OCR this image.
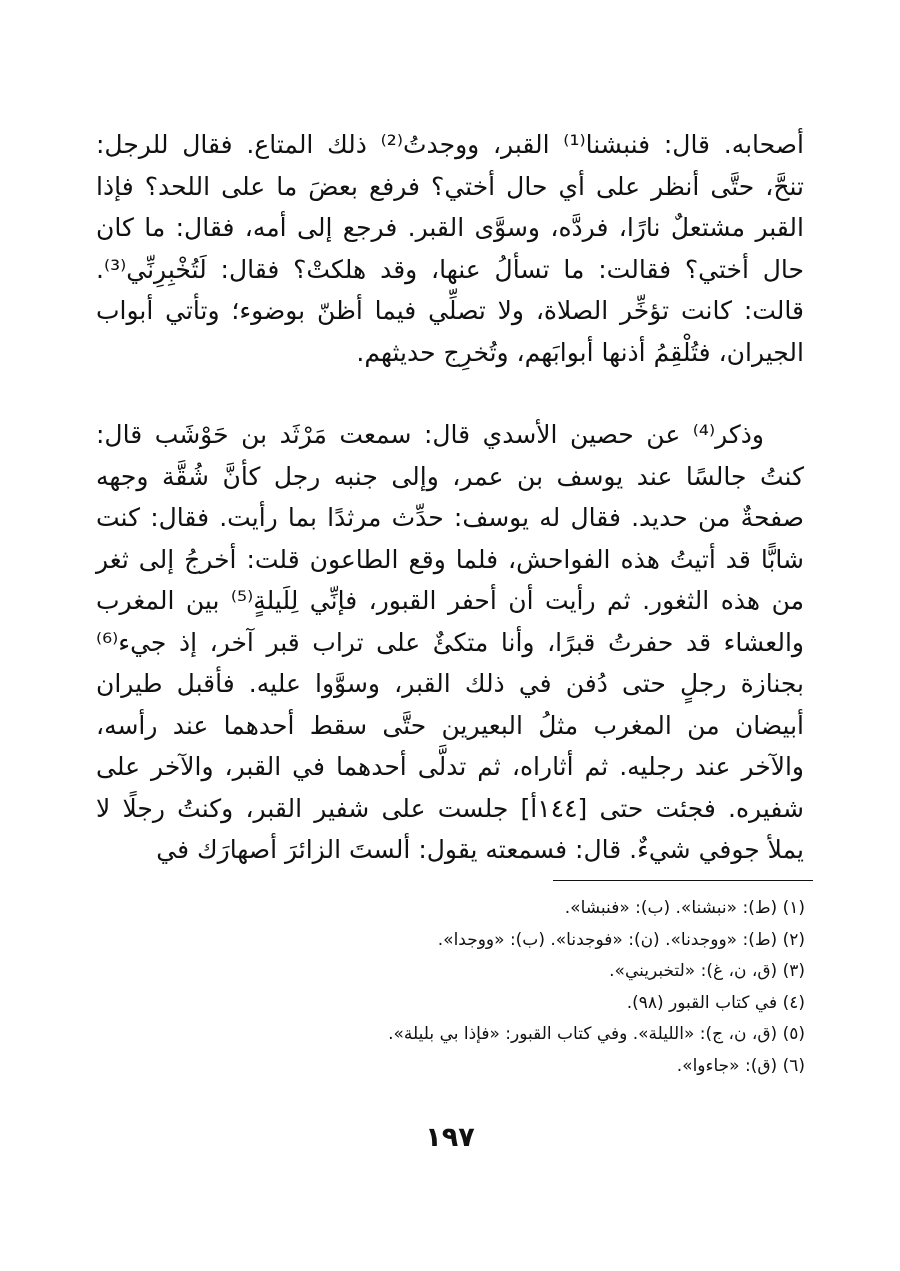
أصحابه. قال: فنبشنا⁽¹⁾ القبر، ووجدتُ⁽²⁾ ذلك المتاع. فقال للرجل: تنحَّ، حتَّى أنظر على أي حال أختي؟ فرفع بعضَ ما على اللحد؟ فإذا القبر مشتعلٌ نارًا، فردَّه، وسوَّى القبر. فرجع إلى أمه، فقال: ما كان حال أختي؟ فقالت: ما تسألُ عنها، وقد هلكتْ؟ فقال: لَتُخْبِرِنِّي⁽³⁾. قالت: كانت تؤخِّر الصلاة، ولا تصلِّي فيما أظنّ بوضوء؛ وتأتي أبواب الجيران، فتُلْقِمُ أذنها أبوابَهم، وتُخرِج حديثهم.

وذكر⁽⁴⁾ عن حصين الأسدي قال: سمعت مَرْثَد بن حَوْشَب قال: كنتُ جالسًا عند يوسف بن عمر، وإلى جنبه رجل كأنَّ شُقَّة وجهه صفحةٌ من حديد. فقال له يوسف: حدِّث مرثدًا بما رأيت. فقال: كنت شابًّا قد أتيتُ هذه الفواحش، فلما وقع الطاعون قلت: أخرجُ إلى ثغر من هذه الثغور. ثم رأيت أن أحفر القبور، فإنِّي لِلَيلةٍ⁽⁵⁾ بين المغرب والعشاء قد حفرتُ قبرًا، وأنا متكئٌ على تراب قبر آخر، إذ جيء⁽⁶⁾ بجنازة رجلٍ حتى دُفن في ذلك القبر، وسوَّوا عليه. فأقبل طيران أبيضان من المغرب مثلُ البعيرين حتَّى سقط أحدهما عند رأسه، والآخر عند رجليه. ثم أثاراه، ثم تدلَّى أحدهما في القبر، والآخر على شفيره. فجئت حتى [١٤٤أ] جلست على شفير القبر، وكنتُ رجلًا لا يملأ جوفي شيءٌ. قال: فسمعته يقول: ألستَ الزائرَ أصهارَك في

(١) (ط): «نبشنا». (ب): «فنبشا».
(٢) (ط): «ووجدنا». (ن): «فوجدنا». (ب): «ووجدا».
(٣) (ق، ن، غ): «لتخبريني».
(٤) في كتاب القبور (٩٨).
(٥) (ق، ن، ج): «الليلة». وفي كتاب القبور: «فإذا بي بليلة».
(٦) (ق): «جاءوا».
١٩٧
